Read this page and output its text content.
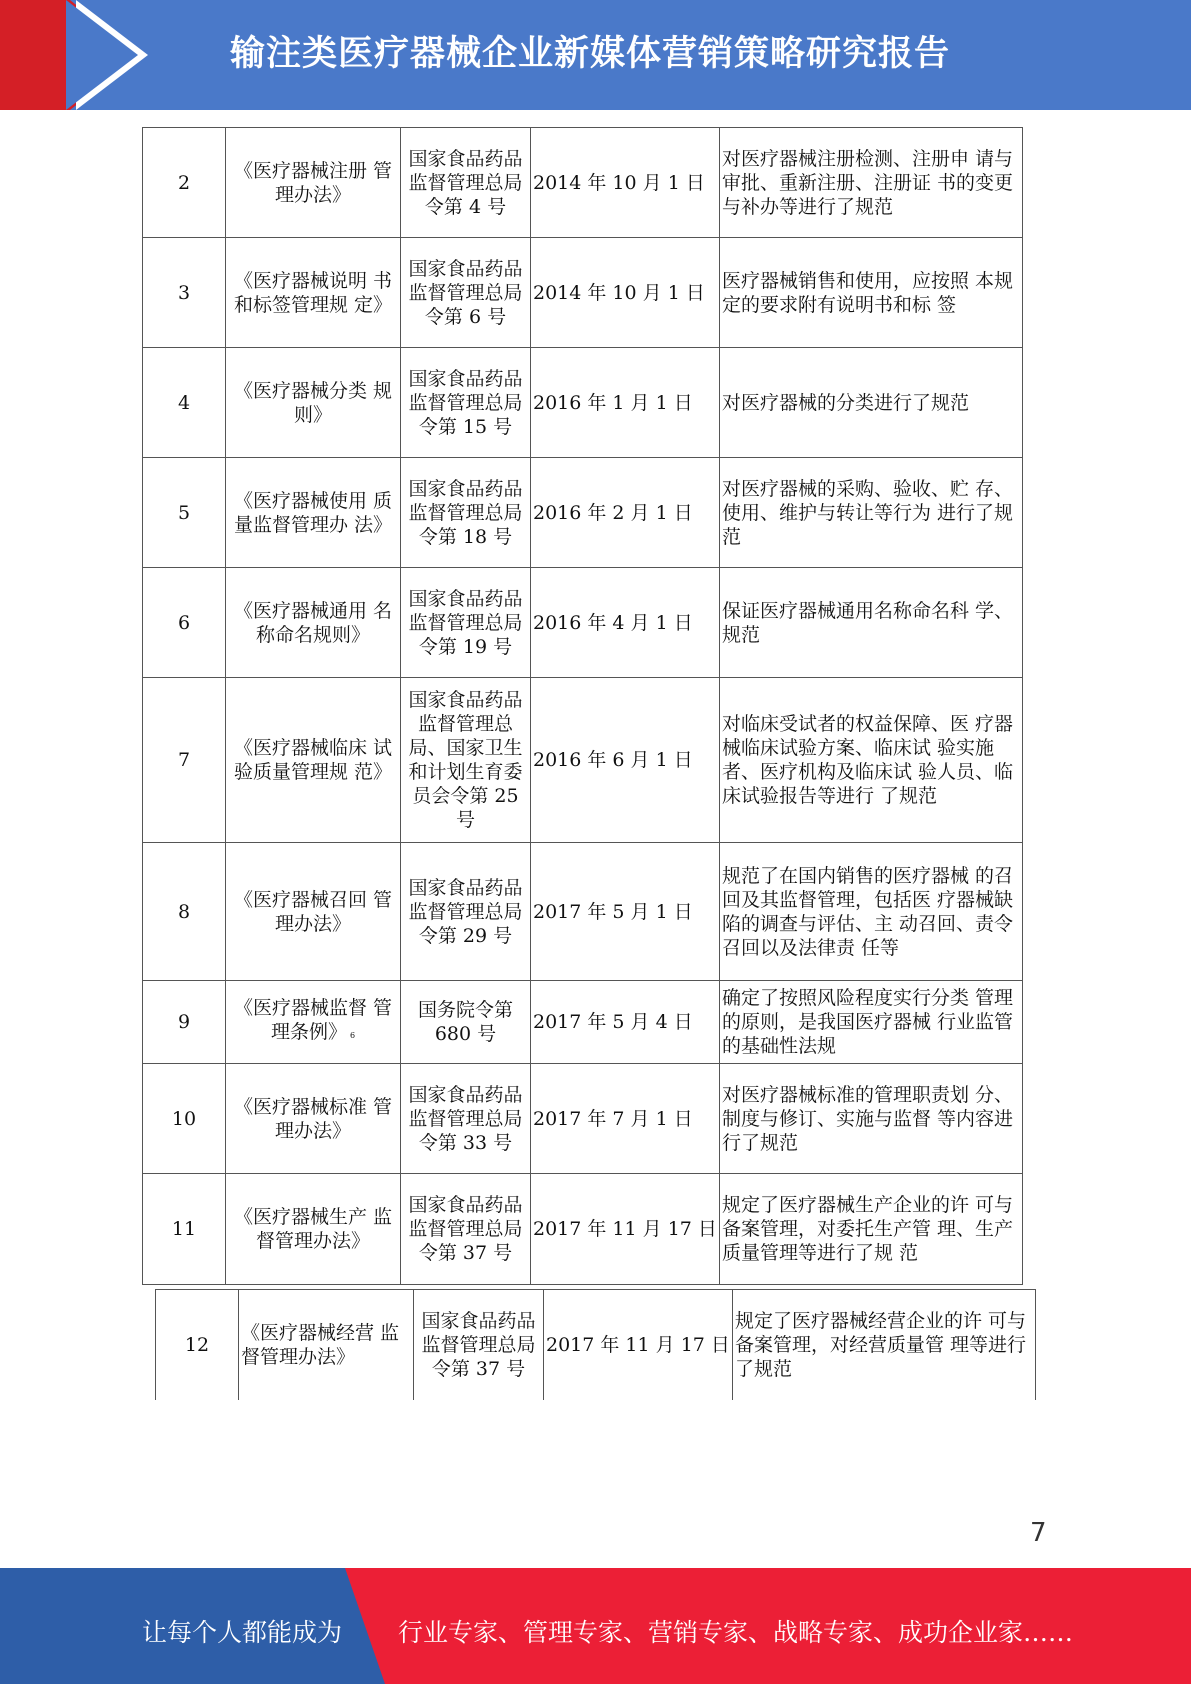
输注类医疗器械企业新媒体营销策略研究报告
2	《医疗器械注册 管理办法》	国家食品药品监督管理总局令第 4 号	2014 年 10 月 1 日	对医疗器械注册检测、注册申 请与审批、重新注册、注册证 书的变更与补办等进行了规范
3	《医疗器械说明 书和标签管理规 定》	国家食品药品监督管理总局令第 6 号	2014 年 10 月 1 日	医疗器械销售和使用，应按照 本规定的要求附有说明书和标 签
4	《医疗器械分类 规则》	国家食品药品监督管理总局令第 15 号	2016 年 1 月 1 日	对医疗器械的分类进行了规范
5	《医疗器械使用 质量监督管理办 法》	国家食品药品监督管理总局令第 18 号	2016 年 2 月 1 日	对医疗器械的采购、验收、贮 存、使用、维护与转让等行为 进行了规范
6	《医疗器械通用 名称命名规则》	国家食品药品监督管理总局令第 19 号	2016 年 4 月 1 日	保证医疗器械通用名称命名科 学、规范
7	《医疗器械临床 试验质量管理规 范》	国家食品药品监督管理总局、国家卫生和计划生育委员会令第 25 号	2016 年 6 月 1 日	对临床受试者的权益保障、医 疗器械临床试验方案、临床试 验实施者、医疗机构及临床试 验人员、临床试验报告等进行 了规范
8	《医疗器械召回 管理办法》	国家食品药品监督管理总局令第 29 号	2017 年 5 月 1 日	规范了在国内销售的医疗器械 的召回及其监督管理，包括医 疗器械缺陷的调查与评估、主 动召回、责令召回以及法律责 任等
9	《医疗器械监督 管理条例》 6	国务院令第 680 号	2017 年 5 月 4 日	确定了按照风险程度实行分类 管理的原则，是我国医疗器械 行业监管的基础性法规
10	《医疗器械标准 管理办法》	国家食品药品监督管理总局令第 33 号	2017 年 7 月 1 日	对医疗器械标准的管理职责划 分、制度与修订、实施与监督 等内容进行了规范
11	《医疗器械生产 监督管理办法》	国家食品药品监督管理总局令第 37 号	2017 年 11 月 17 日	规定了医疗器械生产企业的许 可与备案管理，对委托生产管 理、生产质量管理等进行了规 范
12	《医疗器械经营 监督管理办法》	国家食品药品监督管理总局令第 37 号	2017 年 11 月 17 日	规定了医疗器械经营企业的许 可与备案管理，对经营质量管 理等进行了规范
7
让每个人都能成为 行业专家、管理专家、营销专家、战略专家、成功企业家……
